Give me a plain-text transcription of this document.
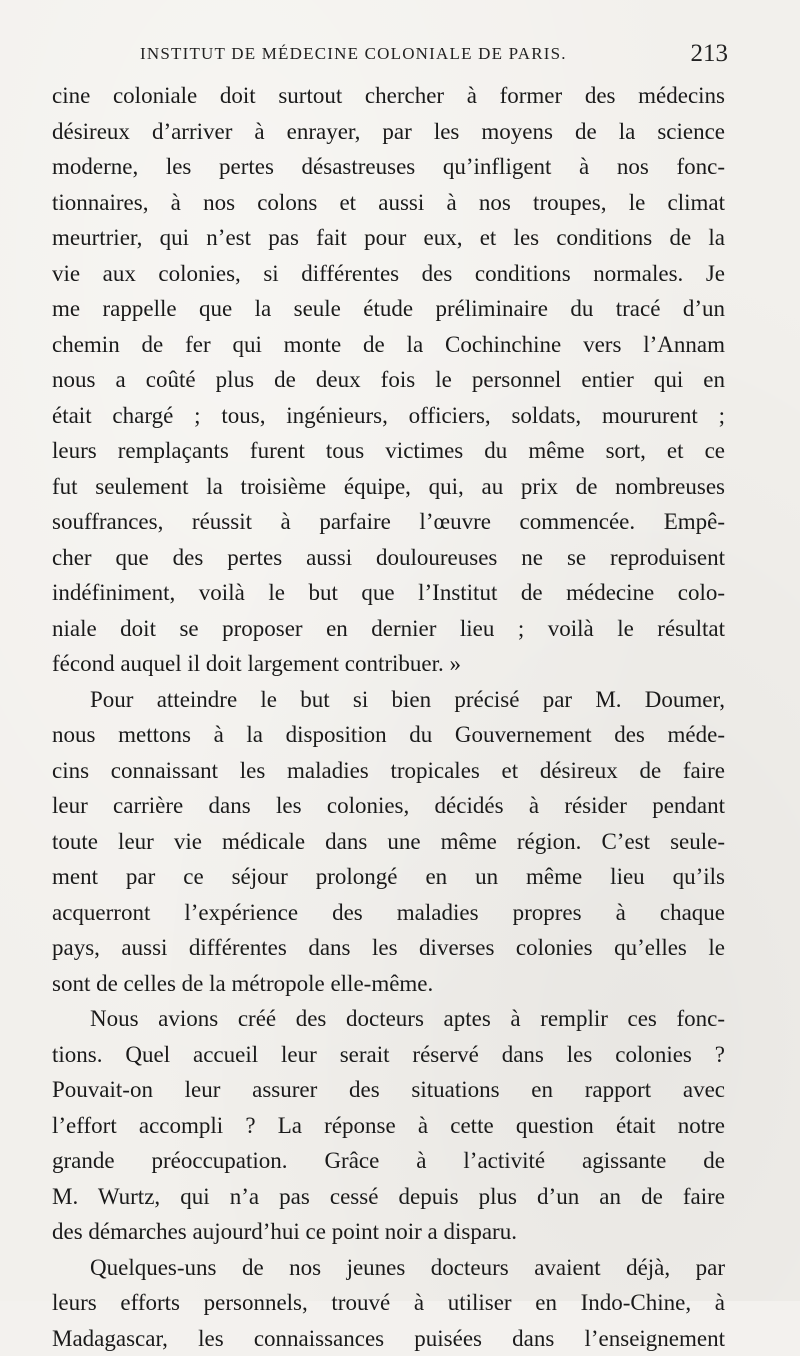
INSTITUT DE MÉDECINE COLONIALE DE PARIS.	213
cine coloniale doit surtout chercher à former des médecins
désireux d’arriver à enrayer, par les moyens de la science
moderne, les pertes désastreuses qu’infligent à nos fonc-
tionnaires, à nos colons et aussi à nos troupes, le climat
meurtrier, qui n’est pas fait pour eux, et les conditions de la
vie aux colonies, si différentes des conditions normales. Je
me rappelle que la seule étude préliminaire du tracé d’un
chemin de fer qui monte de la Cochinchine vers l’Annam
nous a coûté plus de deux fois le personnel entier qui en
était chargé ; tous, ingénieurs, officiers, soldats, moururent ;
leurs remplaçants furent tous victimes du même sort, et ce
fut seulement la troisième équipe, qui, au prix de nombreuses
souffrances, réussit à parfaire l’œuvre commencée. Empê-
cher que des pertes aussi douloureuses ne se reproduisent
indéfiniment, voilà le but que l’Institut de médecine colo-
niale doit se proposer en dernier lieu ; voilà le résultat
fécond auquel il doit largement contribuer. »
Pour atteindre le but si bien précisé par M. Doumer,
nous mettons à la disposition du Gouvernement des méde-
cins connaissant les maladies tropicales et désireux de faire
leur carrière dans les colonies, décidés à résider pendant
toute leur vie médicale dans une même région. C’est seule-
ment par ce séjour prolongé en un même lieu qu’ils
acquerront l’expérience des maladies propres à chaque
pays, aussi différentes dans les diverses colonies qu’elles le
sont de celles de la métropole elle-même.
Nous avions créé des docteurs aptes à remplir ces fonc-
tions. Quel accueil leur serait réservé dans les colonies ?
Pouvait-on leur assurer des situations en rapport avec
l’effort accompli ? La réponse à cette question était notre
grande préoccupation. Grâce à l’activité agissante de
M. Wurtz, qui n’a pas cessé depuis plus d’un an de faire
des démarches aujourd’hui ce point noir a disparu.
Quelques-uns de nos jeunes docteurs avaient déjà, par
leurs efforts personnels, trouvé à utiliser en Indo-Chine, à
Madagascar, les connaissances puisées dans l’enseignement
